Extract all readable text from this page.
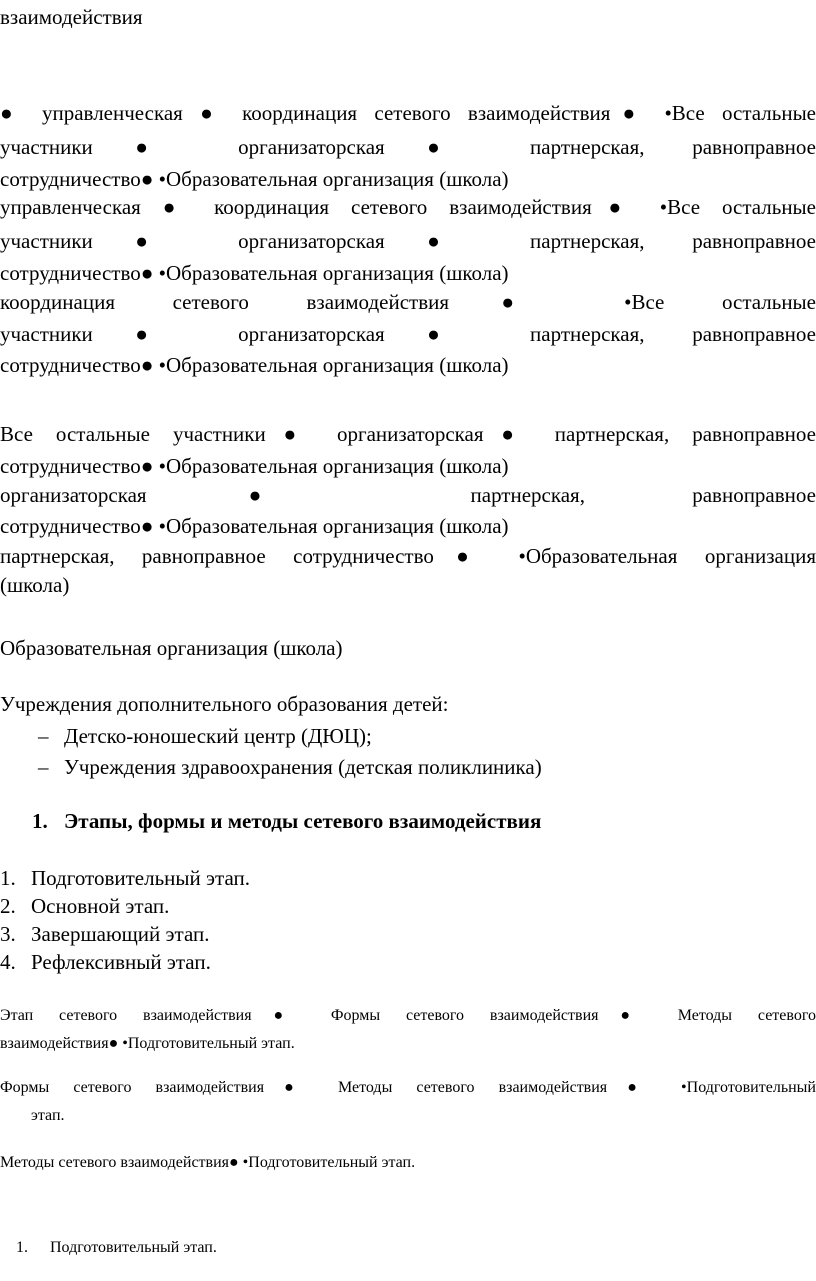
взаимодействия
● управленческая ● координация сетевого взаимодействия● •Все остальные
участники● организаторская● партнерская, равноправное
сотрудничество● •Образовательная организация (школа)
управленческая ● координация сетевого взаимодействия● •Все остальные
участники● организаторская● партнерская, равноправное
сотрудничество● •Образовательная организация (школа)
координация сетевого взаимодействия● •Все остальные
участники● организаторская● партнерская, равноправное
сотрудничество● •Образовательная организация (школа)
Все остальные участники● организаторская● партнерская, равноправное
сотрудничество● •Образовательная организация (школа)
организаторская● партнерская, равноправное
сотрудничество● •Образовательная организация (школа)
партнерская, равноправное сотрудничество● •Образовательная организация
(школа)
Образовательная организация (школа)
Учреждения дополнительного образования детей:
– Детско-юношеский центр (ДЮЦ);
– Учреждения здравоохранения (детская поликлиника)
1. Этапы, формы и методы сетевого взаимодействия
1. Подготовительный этап.
2. Основной этап.
3. Завершающий этап.
4. Рефлексивный этап.
Этап сетевого взаимодействия● Формы сетевого взаимодействия● Методы сетевого
взаимодействия● •Подготовительный этап.
Формы сетевого взаимодействия● Методы сетевого взаимодействия● •Подготовительный
этап.
Методы сетевого взаимодействия● •Подготовительный этап.
1. Подготовительный этап.
